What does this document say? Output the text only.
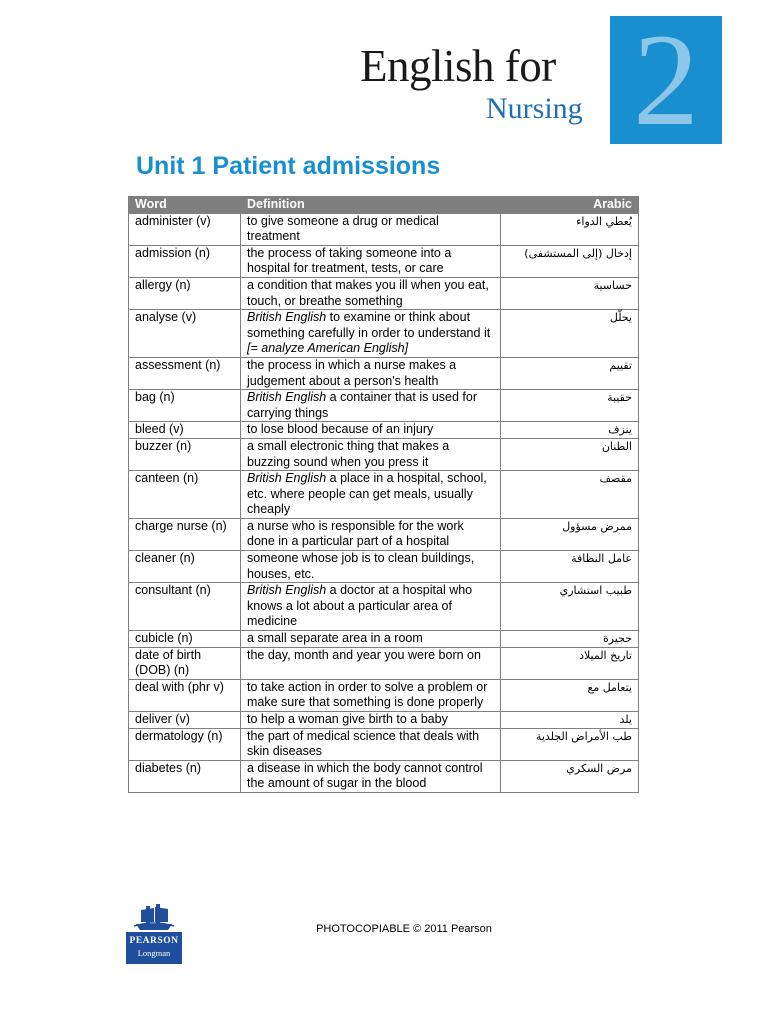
English for
Nursing 2
Unit 1 Patient admissions
Word	Definition	Arabic
administer (v)	to give someone a drug or medical treatment	يُعطي الدواء
admission (n)	the process of taking someone into a hospital for treatment, tests, or care	إدخال (إلى المستشفى)
allergy (n)	a condition that makes you ill when you eat, touch, or breathe something	حساسية
analyse (v)	British English to examine or think about something carefully in order to understand it [= analyze American English]	يحلّل
assessment (n)	the process in which a nurse makes a judgement about a person's health	تقييم
bag (n)	British English a container that is used for carrying things	حقيبة
bleed (v)	to lose blood because of an injury	ينزف
buzzer (n)	a small electronic thing that makes a buzzing sound when you press it	الطنان
canteen (n)	British English a place in a hospital, school, etc. where people can get meals, usually cheaply	مقصف
charge nurse (n)	a nurse who is responsible for the work done in a particular part of a hospital	ممرض مسؤول
cleaner (n)	someone whose job is to clean buildings, houses, etc.	عامل النظافة
consultant (n)	British English a doctor at a hospital who knows a lot about a particular area of medicine	طبيب استشاري
cubicle (n)	a small separate area in a room	حجيرة
date of birth (DOB) (n)	the day, month and year you were born on	تاريخ الميلاد
deal with (phr v)	to take action in order to solve a problem or make sure that something is done properly	يتعامل مع
deliver (v)	to help a woman give birth to a baby	يلد
dermatology (n)	the part of medical science that deals with skin diseases	طب الأمراض الجلدية
diabetes (n)	a disease in which the body cannot control the amount of sugar in the blood	مرض السكري
PEARSON
Longman
PHOTOCOPIABLE © 2011 Pearson
